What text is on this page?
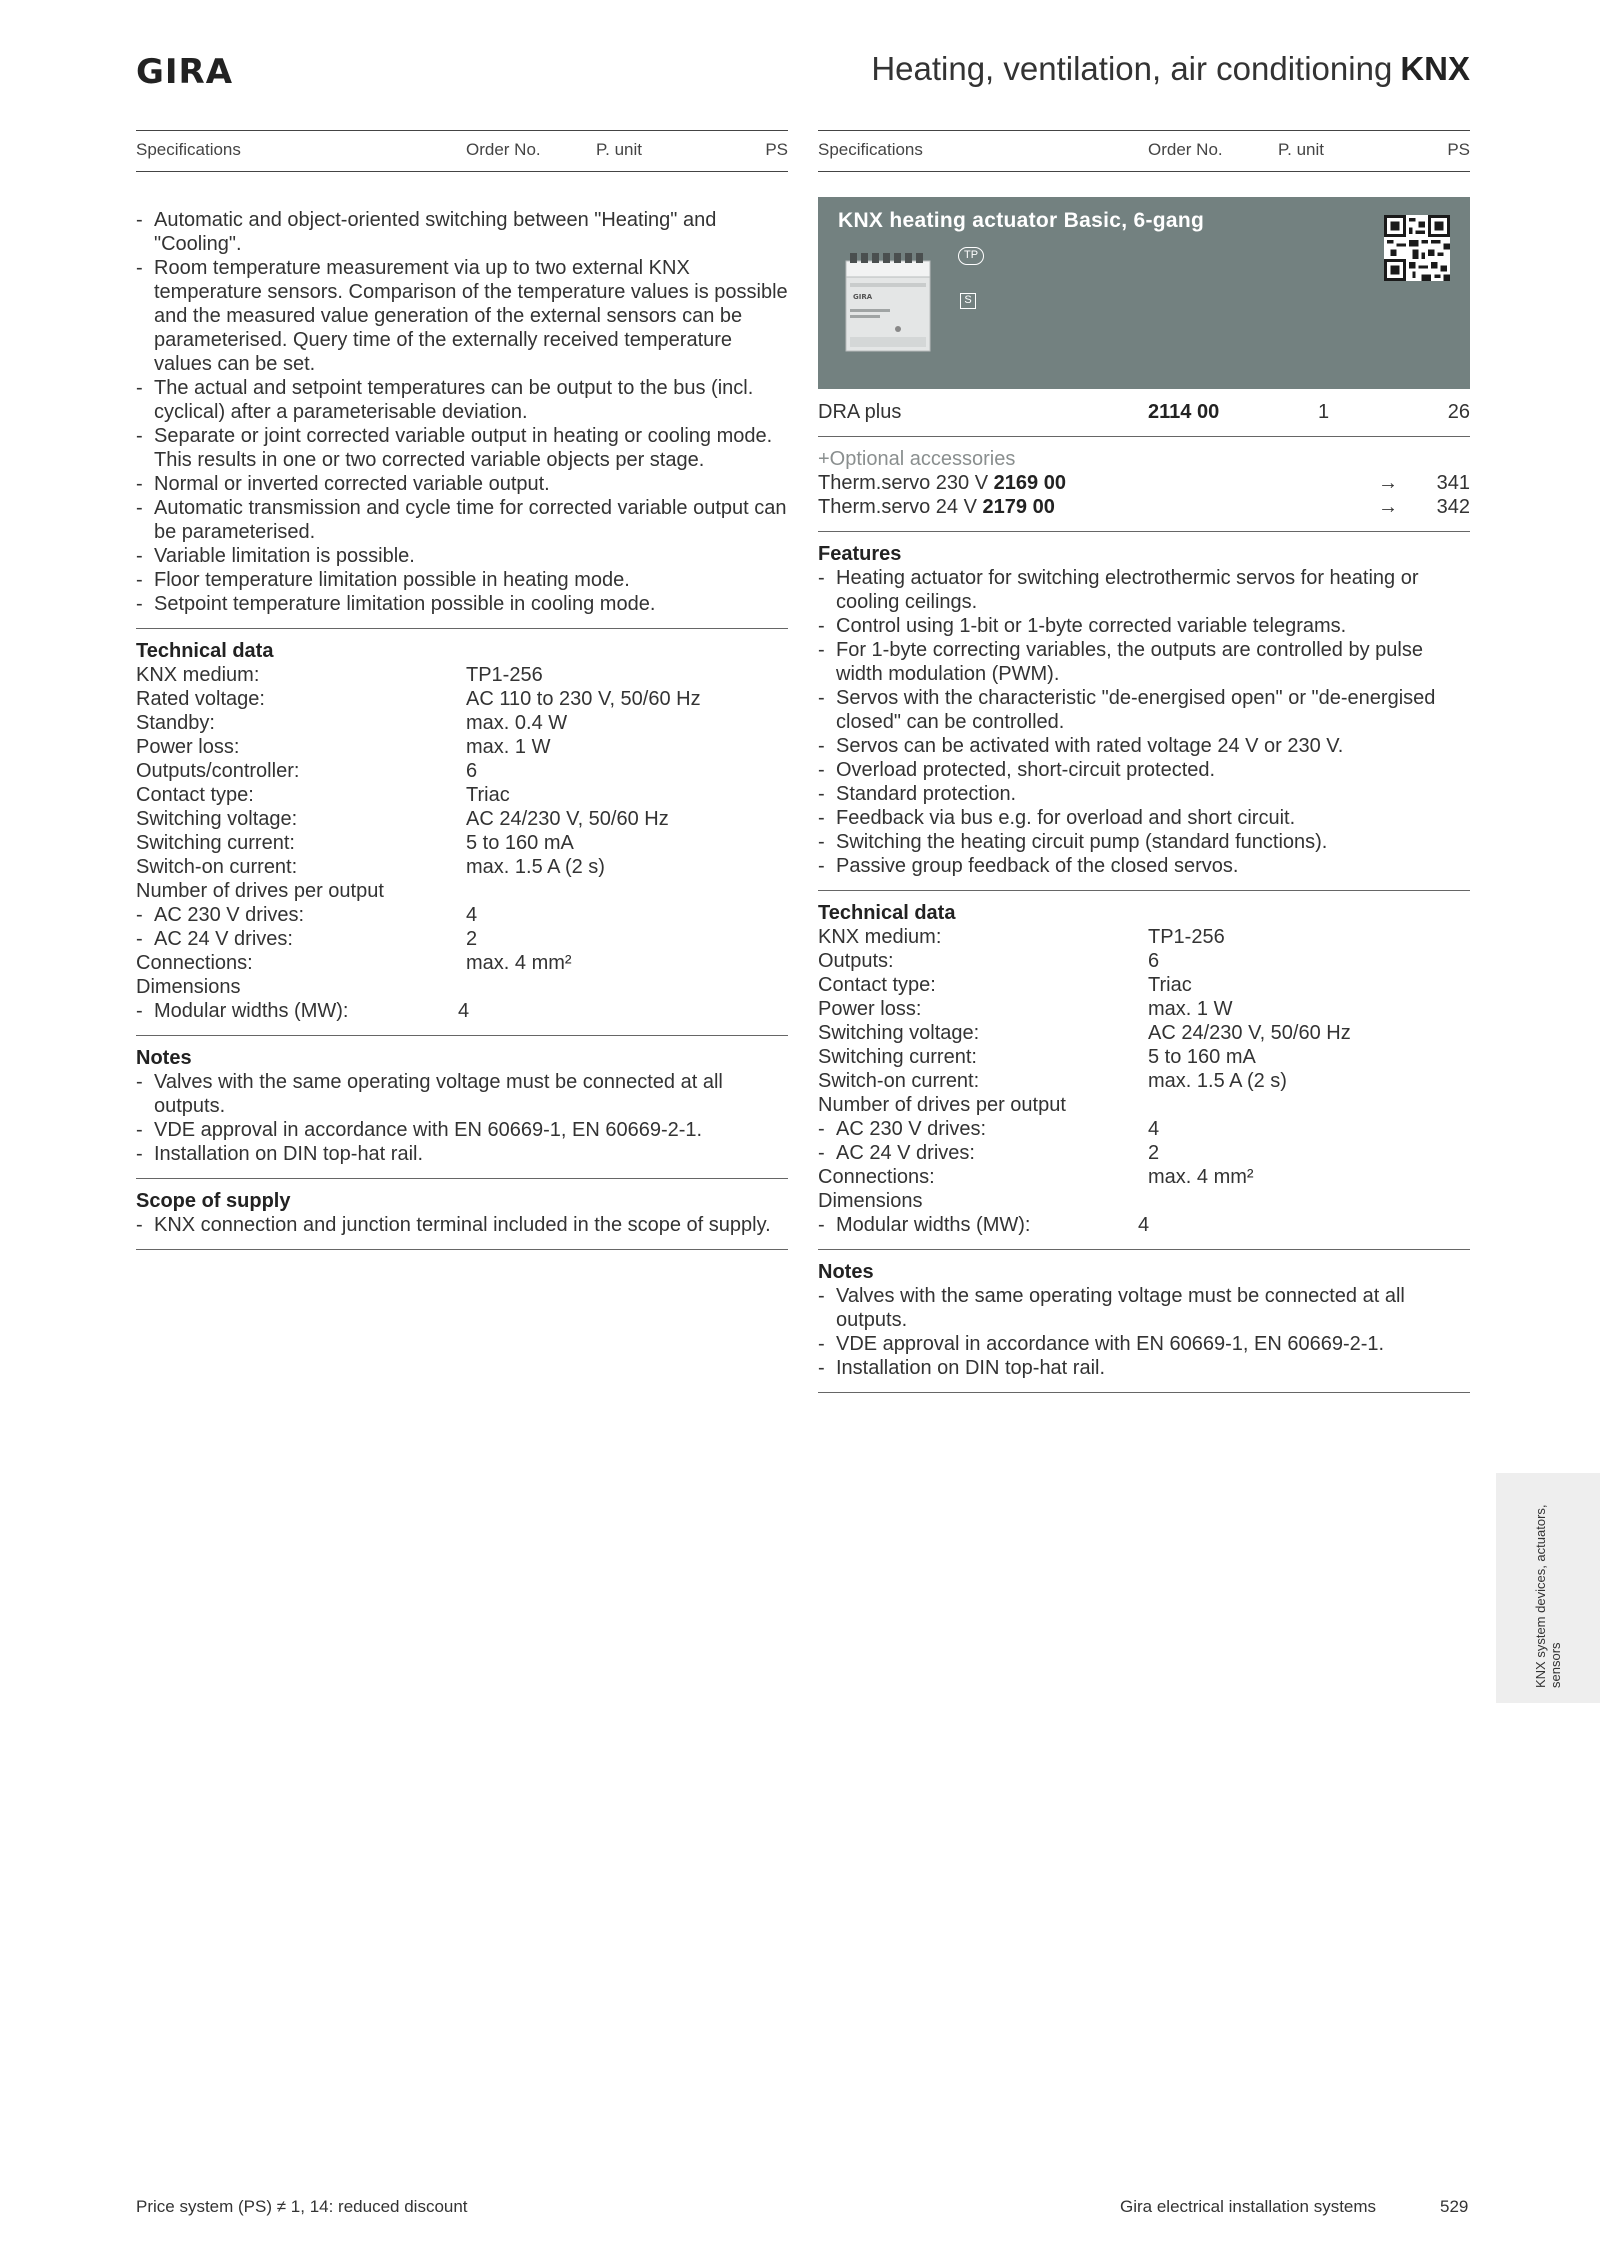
GIRA	Heating, ventilation, air conditioning KNX
Specifications	Order No.	P. unit	PS
- Automatic and object-oriented switching between "Heating" and "Cooling".
- Room temperature measurement via up to two external KNX temperature sensors. Comparison of the temperature values is possible and the measured value generation of the external sensors can be parameterised. Query time of the externally received temperature values can be set.
- The actual and setpoint temperatures can be output to the bus (incl. cyclical) after a parameterisable deviation.
- Separate or joint corrected variable output in heating or cooling mode. This results in one or two corrected variable objects per stage.
- Normal or inverted corrected variable output.
- Automatic transmission and cycle time for corrected variable output can be parameterised.
- Variable limitation is possible.
- Floor temperature limitation possible in heating mode.
- Setpoint temperature limitation possible in cooling mode.
Technical data
KNX medium:	TP1-256
Rated voltage:	AC 110 to 230 V, 50/60 Hz
Standby:	max. 0.4 W
Power loss:	max. 1 W
Outputs/controller:	6
Contact type:	Triac
Switching voltage:	AC 24/230 V, 50/60 Hz
Switching current:	5 to 160 mA
Switch-on current:	max. 1.5 A (2 s)
Number of drives per output
- AC 230 V drives:	4
- AC 24 V drives:	2
Connections:	max. 4 mm²
Dimensions
- Modular widths (MW):	4
Notes
- Valves with the same operating voltage must be connected at all outputs.
- VDE approval in accordance with EN 60669-1, EN 60669-2-1.
- Installation on DIN top-hat rail.
Scope of supply
- KNX connection and junction terminal included in the scope of supply.
Specifications	Order No.	P. unit	PS
KNX heating actuator Basic, 6-gang
GIRA
TP
S
DRA plus	2114 00	1	26
+Optional accessories
Therm.servo 230 V 2169 00	→ 341
Therm.servo 24 V 2179 00	→ 342
Features
- Heating actuator for switching electrothermic servos for heating or cooling ceilings.
- Control using 1-bit or 1-byte corrected variable telegrams.
- For 1-byte correcting variables, the outputs are controlled by pulse width modulation (PWM).
- Servos with the characteristic "de-energised open" or "de-energised closed" can be controlled.
- Servos can be activated with rated voltage 24 V or 230 V.
- Overload protected, short-circuit protected.
- Standard protection.
- Feedback via bus e.g. for overload and short circuit.
- Switching the heating circuit pump (standard functions).
- Passive group feedback of the closed servos.
Technical data
KNX medium:	TP1-256
Outputs:	6
Contact type:	Triac
Power loss:	max. 1 W
Switching voltage:	AC 24/230 V, 50/60 Hz
Switching current:	5 to 160 mA
Switch-on current:	max. 1.5 A (2 s)
Number of drives per output
- AC 230 V drives:	4
- AC 24 V drives:	2
Connections:	max. 4 mm²
Dimensions
- Modular widths (MW):	4
Notes
- Valves with the same operating voltage must be connected at all outputs.
- VDE approval in accordance with EN 60669-1, EN 60669-2-1.
- Installation on DIN top-hat rail.
KNX system devices, actuators, sensors
Price system (PS) ≠ 1, 14: reduced discount	Gira electrical installation systems	529
